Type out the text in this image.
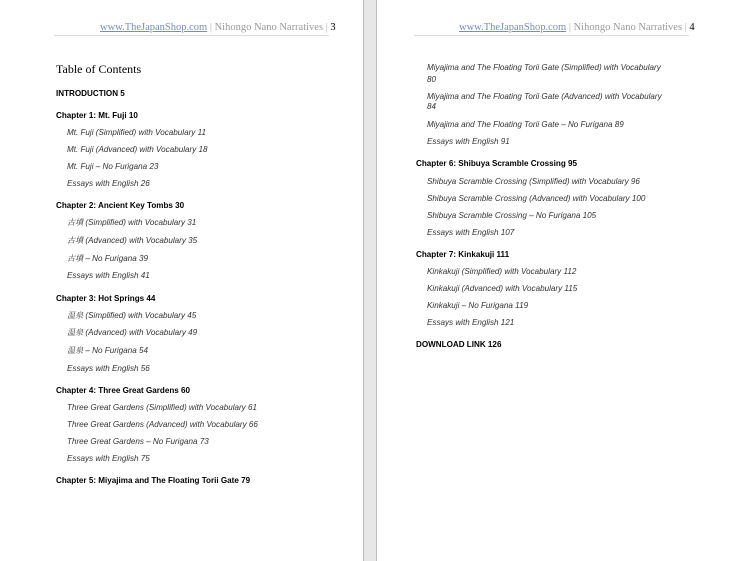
www.TheJapanShop.com | Nihongo Nano Narratives | 3
Table of Contents
INTRODUCTION 5
Chapter 1: Mt. Fuji 10
Mt. Fuji (Simplified) with Vocabulary 11
Mt. Fuji (Advanced) with Vocabulary 18
Mt. Fuji – No Furigana 23
Essays with English 26
Chapter 2: Ancient Key Tombs 30
古墳 (Simplified) with Vocabulary 31
古墳 (Advanced) with Vocabulary 35
古墳 – No Furigana 39
Essays with English 41
Chapter 3: Hot Springs 44
温泉 (Simplified) with Vocabulary 45
温泉 (Advanced) with Vocabulary 49
温泉 – No Furigana 54
Essays with English 56
Chapter 4: Three Great Gardens 60
Three Great Gardens (Simplified) with Vocabulary 61
Three Great Gardens (Advanced) with Vocabulary 66
Three Great Gardens – No Furigana 73
Essays with English 75
Chapter 5: Miyajima and The Floating Torii Gate 79
www.TheJapanShop.com | Nihongo Nano Narratives | 4
Miyajima and The Floating Torii Gate (Simplified) with Vocabulary
80
Miyajima and The Floating Torii Gate (Advanced) with Vocabulary
84
Miyajima and The Floating Torii Gate – No Furigana 89
Essays with English 91
Chapter 6: Shibuya Scramble Crossing 95
Shibuya Scramble Crossing (Simplified) with Vocabulary 96
Shibuya Scramble Crossing (Advanced) with Vocabulary 100
Shibuya Scramble Crossing – No Furigana 105
Essays with English 107
Chapter 7: Kinkakuji 111
Kinkakuji (Simplified) with Vocabulary 112
Kinkakuji (Advanced) with Vocabulary 115
Kinkakuji – No Furigana 119
Essays with English 121
DOWNLOAD LINK 126
